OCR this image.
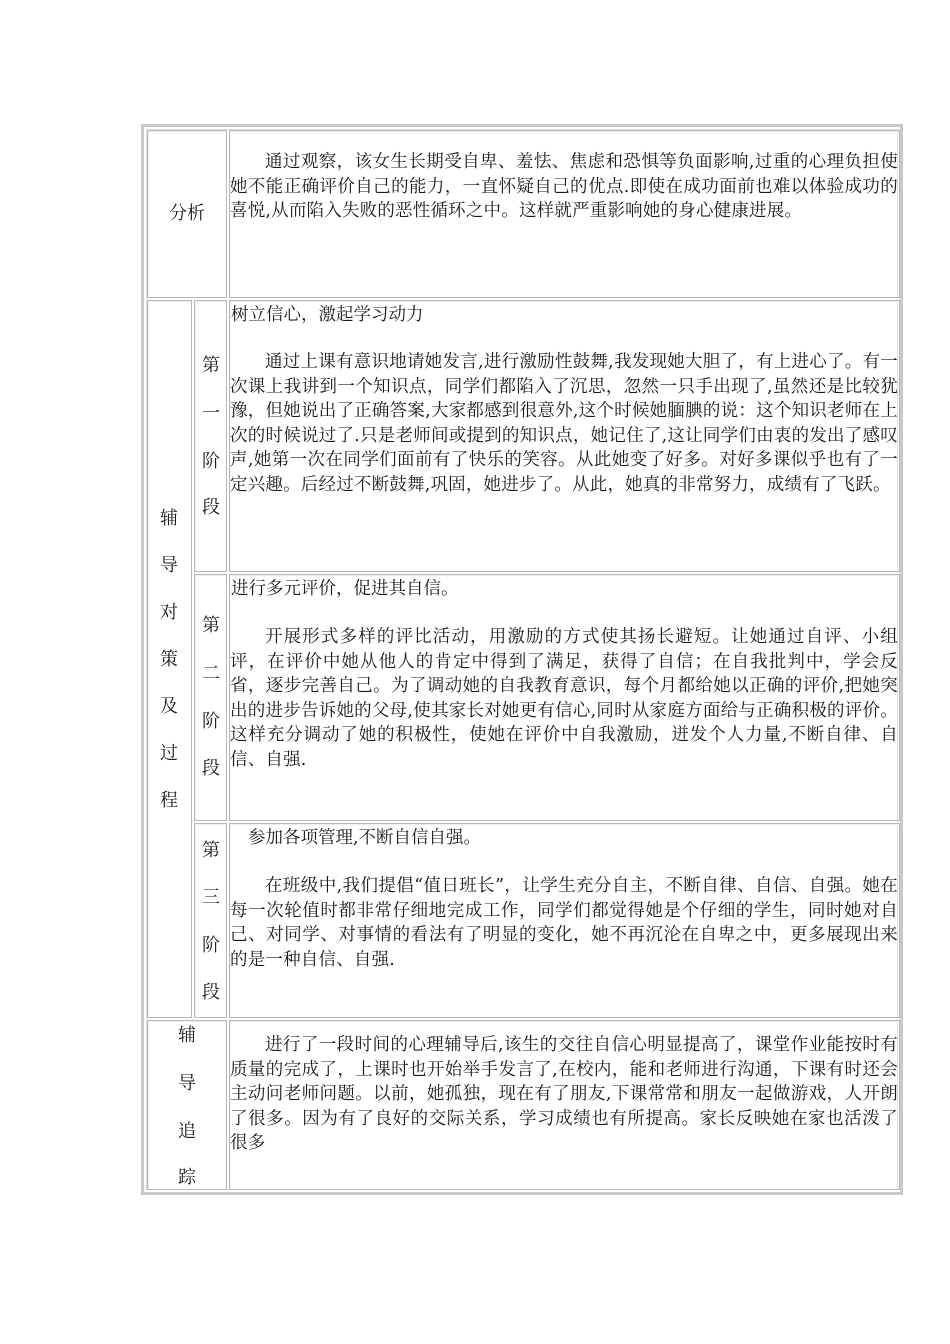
分析
通过观察，该女生长期受自卑、羞怯、焦虑和恐惧等负面影响,过重的心理负担使她不能正确评价自己的能力，一直怀疑自己的优点.即使在成功面前也难以体验成功的喜悦,从而陷入失败的恶性循环之中。这样就严重影响她的身心健康进展。
辅
导
对
策
及
过
程
第
一
阶
段
树立信心，激起学习动力
通过上课有意识地请她发言,进行激励性鼓舞,我发现她大胆了，有上进心了。有一次课上我讲到一个知识点，同学们都陷入了沉思，忽然一只手出现了,虽然还是比较犹豫，但她说出了正确答案,大家都感到很意外,这个时候她腼腆的说：这个知识老师在上次的时候说过了.只是老师间或提到的知识点，她记住了,这让同学们由衷的发出了感叹声,她第一次在同学们面前有了快乐的笑容。从此她变了好多。对好多课似乎也有了一定兴趣。后经过不断鼓舞,巩固，她进步了。从此，她真的非常努力，成绩有了飞跃。
第
二
阶
段
进行多元评价，促进其自信。
开展形式多样的评比活动，用激励的方式使其扬长避短。让她通过自评、小组评，在评价中她从他人的肯定中得到了满足，获得了自信；在自我批判中，学会反省，逐步完善自己。为了调动她的自我教育意识，每个月都给她以正确的评价,把她突出的进步告诉她的父母,使其家长对她更有信心,同时从家庭方面给与正确积极的评价。这样充分调动了她的积极性，使她在评价中自我激励，迸发个人力量,不断自律、自信、自强.
第
三
阶
段
参加各项管理,不断自信自强。
在班级中,我们提倡“值日班长”，让学生充分自主，不断自律、自信、自强。她在每一次轮值时都非常仔细地完成工作，同学们都觉得她是个仔细的学生，同时她对自己、对同学、对事情的看法有了明显的变化，她不再沉沦在自卑之中，更多展现出来的是一种自信、自强.
辅
导
追
踪
进行了一段时间的心理辅导后,该生的交往自信心明显提高了，课堂作业能按时有质量的完成了，上课时也开始举手发言了,在校内，能和老师进行沟通，下课有时还会主动问老师问题。以前，她孤独，现在有了朋友,下课常常和朋友一起做游戏，人开朗了很多。因为有了良好的交际关系，学习成绩也有所提高。家长反映她在家也活泼了很多
